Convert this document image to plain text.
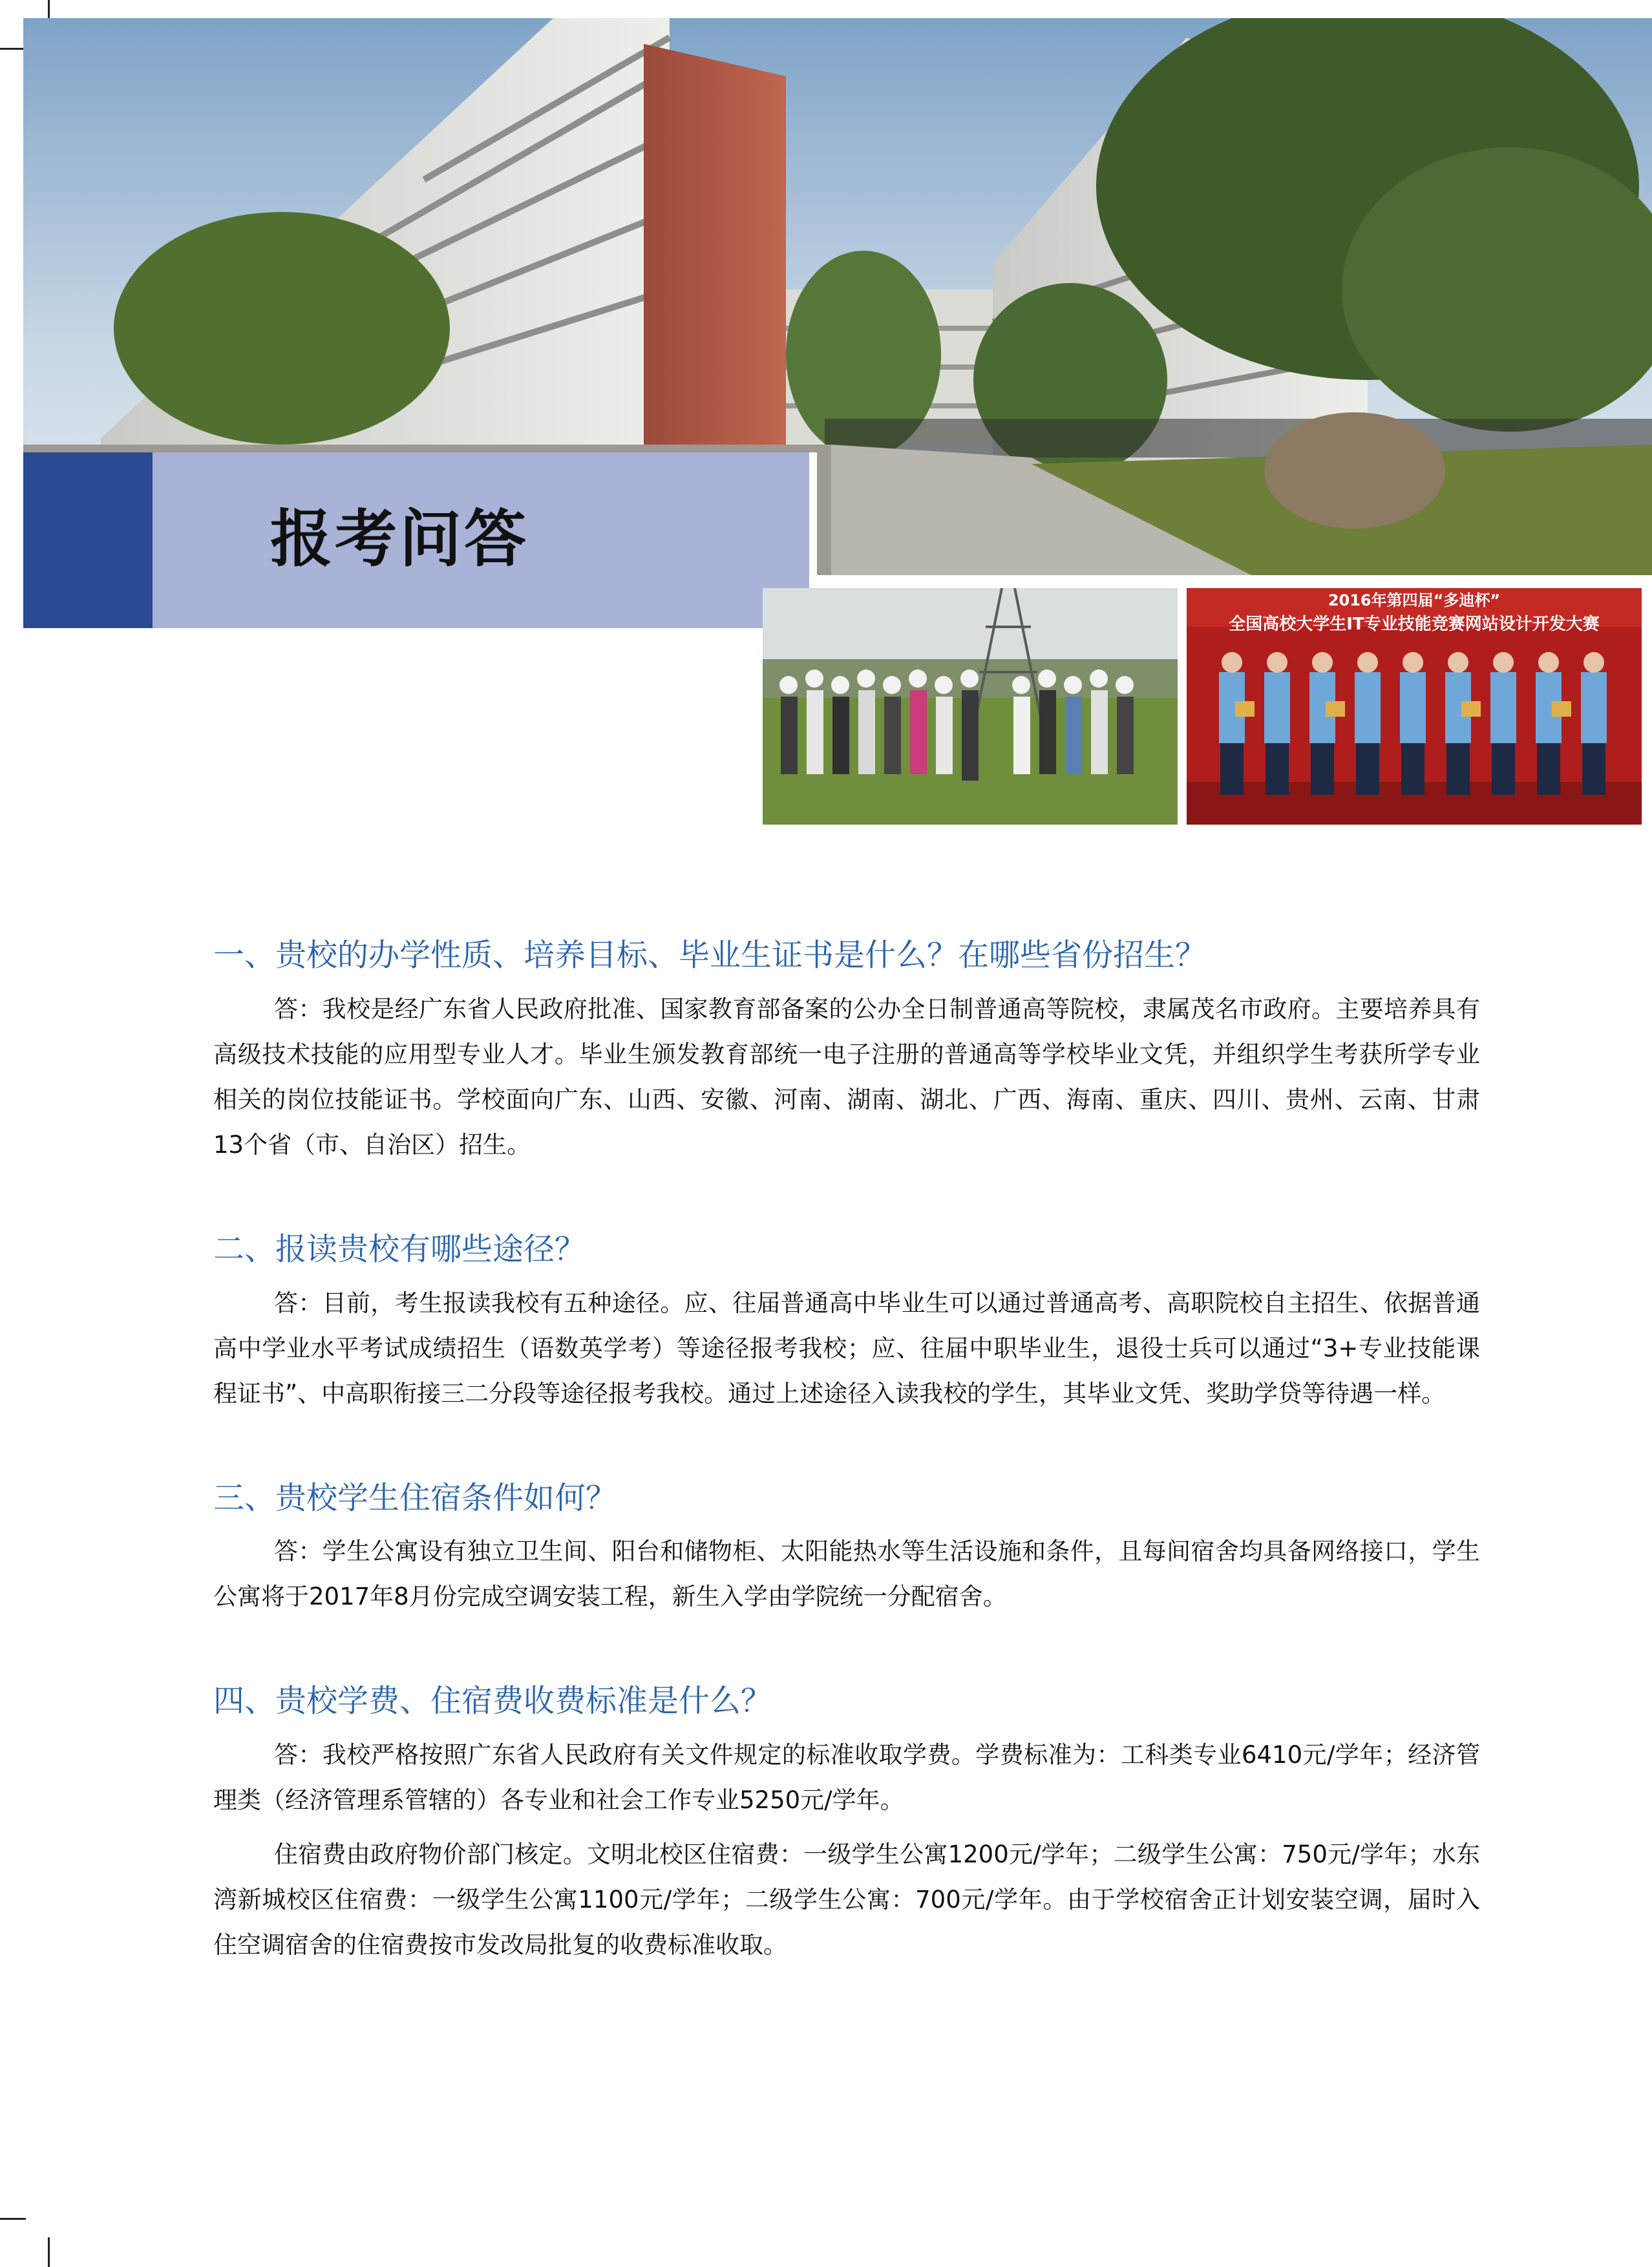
报考问答
2016年第四届“多迪杯”
全国高校大学生IT专业技能竞赛网站设计开发大赛
一、贵校的办学性质、培养目标、毕业生证书是什么？在哪些省份招生？

答：我校是经广东省人民政府批准、国家教育部备案的公办全日制普通高等院校，隶属茂名市政府。主要培养具有高级技术技能的应用型专业人才。毕业生颁发教育部统一电子注册的普通高等学校毕业文凭，并组织学生考获所学专业相关的岗位技能证书。学校面向广东、山西、安徽、河南、湖南、湖北、广西、海南、重庆、四川、贵州、云南、甘肃13个省（市、自治区）招生。

二、报读贵校有哪些途径？

答：目前，考生报读我校有五种途径。应、往届普通高中毕业生可以通过普通高考、高职院校自主招生、依据普通高中学业水平考试成绩招生（语数英学考）等途径报考我校；应、往届中职毕业生，退役士兵可以通过“3+专业技能课程证书”、中高职衔接三二分段等途径报考我校。通过上述途径入读我校的学生，其毕业文凭、奖助学贷等待遇一样。

三、贵校学生住宿条件如何？

答：学生公寓设有独立卫生间、阳台和储物柜、太阳能热水等生活设施和条件，且每间宿舍均具备网络接口，学生公寓将于2017年8月份完成空调安装工程，新生入学由学院统一分配宿舍。

四、贵校学费、住宿费收费标准是什么？

答：我校严格按照广东省人民政府有关文件规定的标准收取学费。学费标准为：工科类专业6410元/学年；经济管理类（经济管理系管辖的）各专业和社会工作专业5250元/学年。

住宿费由政府物价部门核定。文明北校区住宿费：一级学生公寓1200元/学年；二级学生公寓：750元/学年；水东湾新城校区住宿费：一级学生公寓1100元/学年；二级学生公寓：700元/学年。由于学校宿舍正计划安装空调，届时入住空调宿舍的住宿费按市发改局批复的收费标准收取。
